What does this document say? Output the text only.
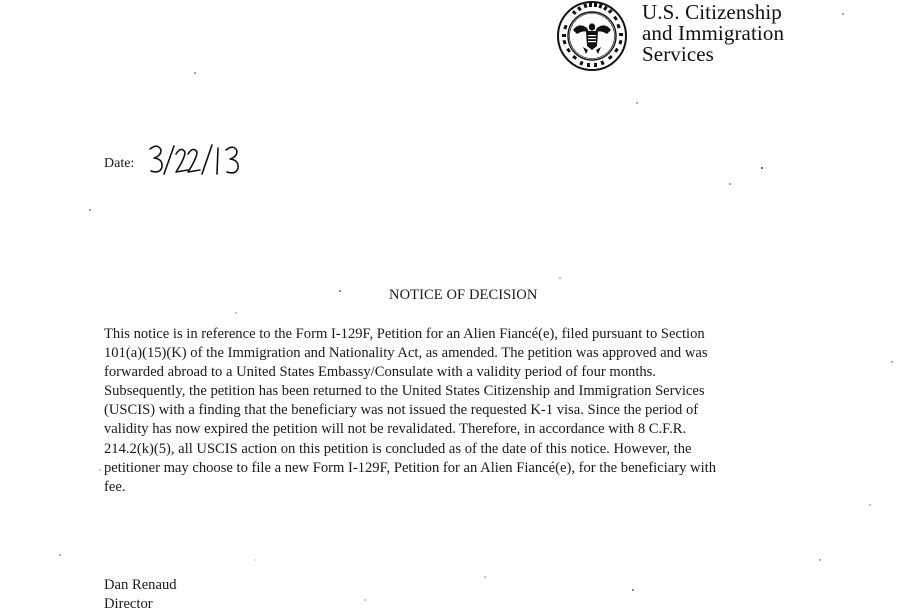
U.S. Citizenship
and Immigration
Services
Date:
NOTICE OF DECISION
This notice is in reference to the Form I-129F, Petition for an Alien Fiancé(e), filed pursuant to Section
101(a)(15)(K) of the Immigration and Nationality Act, as amended. The petition was approved and was
forwarded abroad to a United States Embassy/Consulate with a validity period of four months.
Subsequently, the petition has been returned to the United States Citizenship and Immigration Services
(USCIS) with a finding that the beneficiary was not issued the requested K-1 visa. Since the period of
validity has now expired the petition will not be revalidated. Therefore, in accordance with 8 C.F.R.
214.2(k)(5), all USCIS action on this petition is concluded as of the date of this notice. However, the
petitioner may choose to file a new Form I-129F, Petition for an Alien Fiancé(e), for the beneficiary with
fee.
Dan Renaud
Director
